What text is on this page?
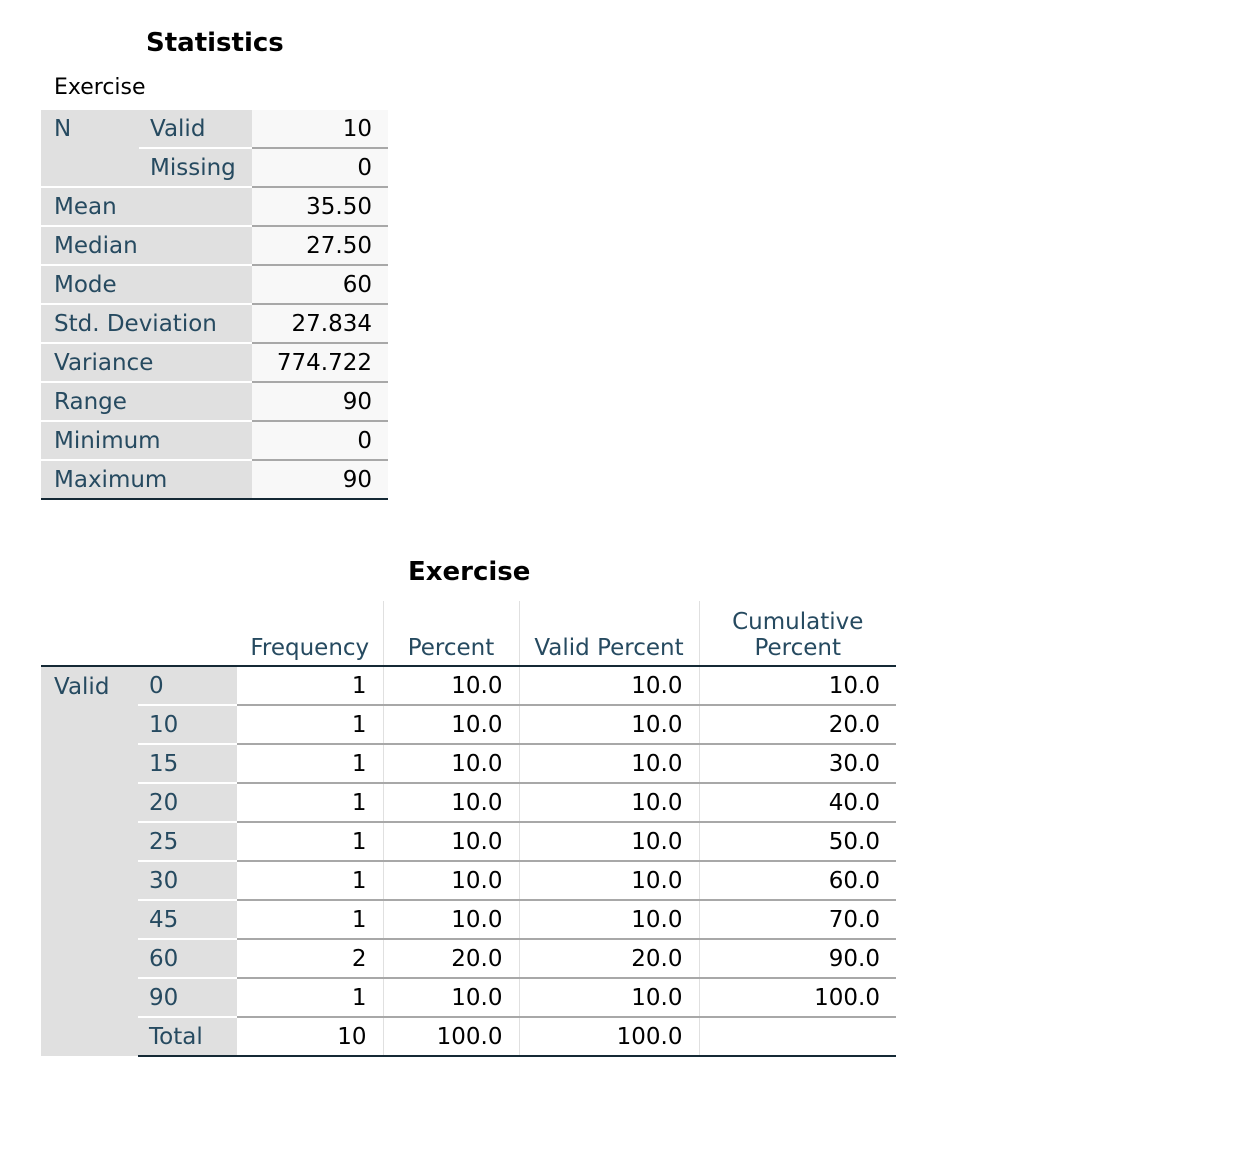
Statistics
Exercise
N	Valid	10
	Missing	0
Mean		35.50
Median		27.50
Mode		60
Std. Deviation		27.834
Variance		774.722
Range		90
Minimum		0
Maximum		90
Exercise
		Frequency	Percent	Valid Percent	Cumulative Percent
Valid	0	1	10.0	10.0	10.0
	10	1	10.0	10.0	20.0
	15	1	10.0	10.0	30.0
	20	1	10.0	10.0	40.0
	25	1	10.0	10.0	50.0
	30	1	10.0	10.0	60.0
	45	1	10.0	10.0	70.0
	60	2	20.0	20.0	90.0
	90	1	10.0	10.0	100.0
	Total	10	100.0	100.0	
